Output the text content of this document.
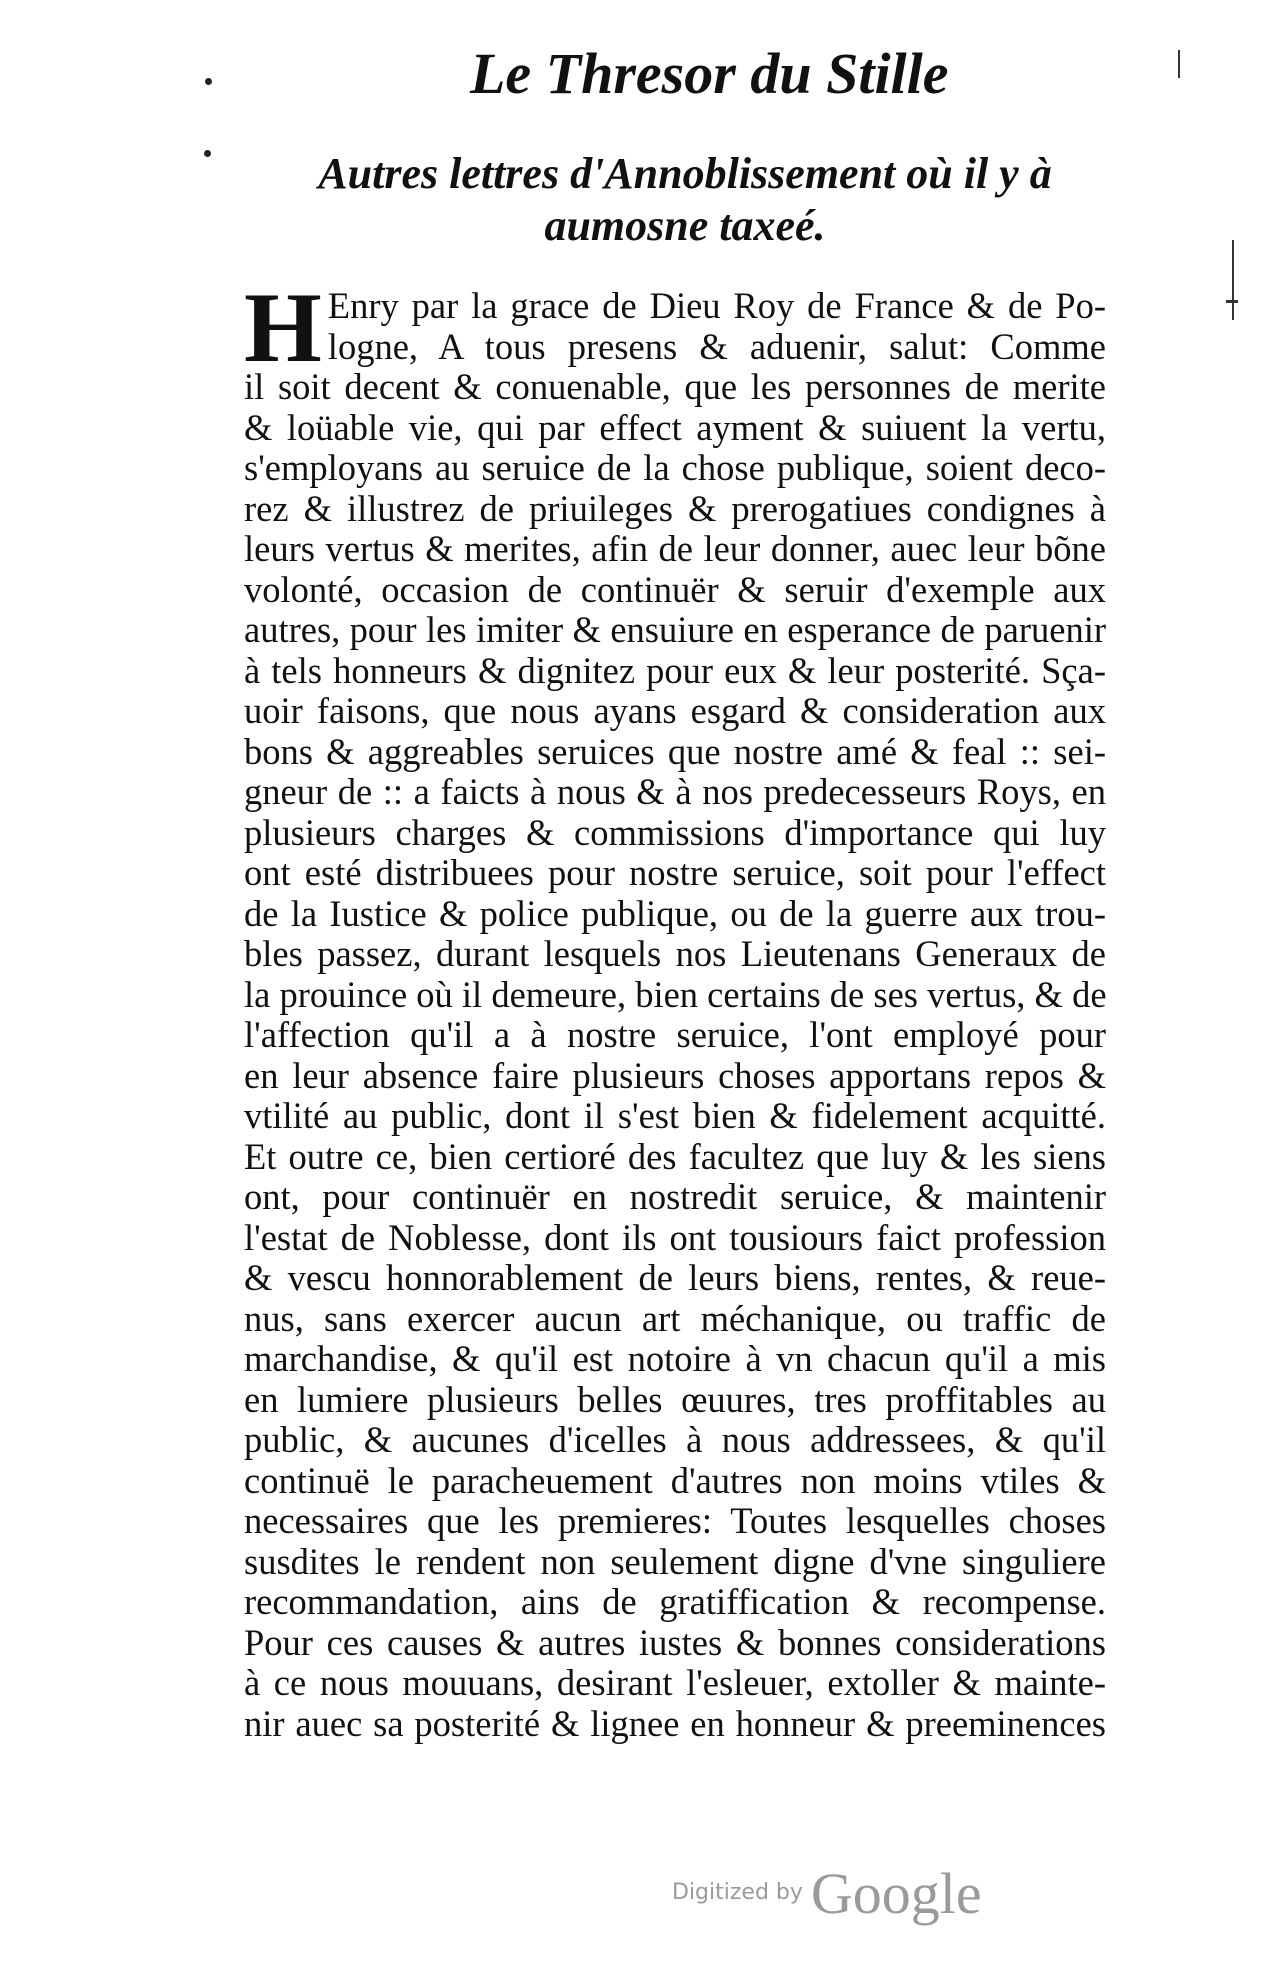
Le Thresor du Stille
Autres lettres d'Annoblissement où il y à
aumosne taxeé.
H Enry par la grace de Dieu Roy de France & de Po-
logne, A tous presens & aduenir, salut: Comme
il soit decent & conuenable, que les personnes de merite
& loüable vie, qui par effect ayment & suiuent la vertu,
s'employans au seruice de la chose publique, soient deco-
rez & illustrez de priuileges & prerogatiues condignes à
leurs vertus & merites, afin de leur donner, auec leur bõne
volonté, occasion de continuër & seruir d'exemple aux
autres, pour les imiter & ensuiure en esperance de paruenir
à tels honneurs & dignitez pour eux & leur posterité. Sça-
uoir faisons, que nous ayans esgard & consideration aux
bons & aggreables seruices que nostre amé & feal :: sei-
gneur de :: a faicts à nous & à nos predecesseurs Roys, en
plusieurs charges & commissions d'importance qui luy
ont esté distribuees pour nostre seruice, soit pour l'effect
de la Iustice & police publique, ou de la guerre aux trou-
bles passez, durant lesquels nos Lieutenans Generaux de
la prouince où il demeure, bien certains de ses vertus, & de
l'affection qu'il a à nostre seruice, l'ont employé pour
en leur absence faire plusieurs choses apportans repos &
vtilité au public, dont il s'est bien & fidelement acquitté.
Et outre ce, bien certioré des facultez que luy & les siens
ont, pour continuër en nostredit seruice, & maintenir
l'estat de Noblesse, dont ils ont tousiours faict profession
& vescu honnorablement de leurs biens, rentes, & reue-
nus, sans exercer aucun art méchanique, ou traffic de
marchandise, & qu'il est notoire à vn chacun qu'il a mis
en lumiere plusieurs belles œuures, tres proffitables au
public, & aucunes d'icelles à nous addressees, & qu'il
continuë le paracheuement d'autres non moins vtiles &
necessaires que les premieres: Toutes lesquelles choses
susdites le rendent non seulement digne d'vne singuliere
recommandation, ains de gratiffication & recompense.
Pour ces causes & autres iustes & bonnes considerations
à ce nous mouuans, desirant l'esleuer, extoller & mainte-
nir auec sa posterité & lignee en honneur & preeminences
Digitized by Google
